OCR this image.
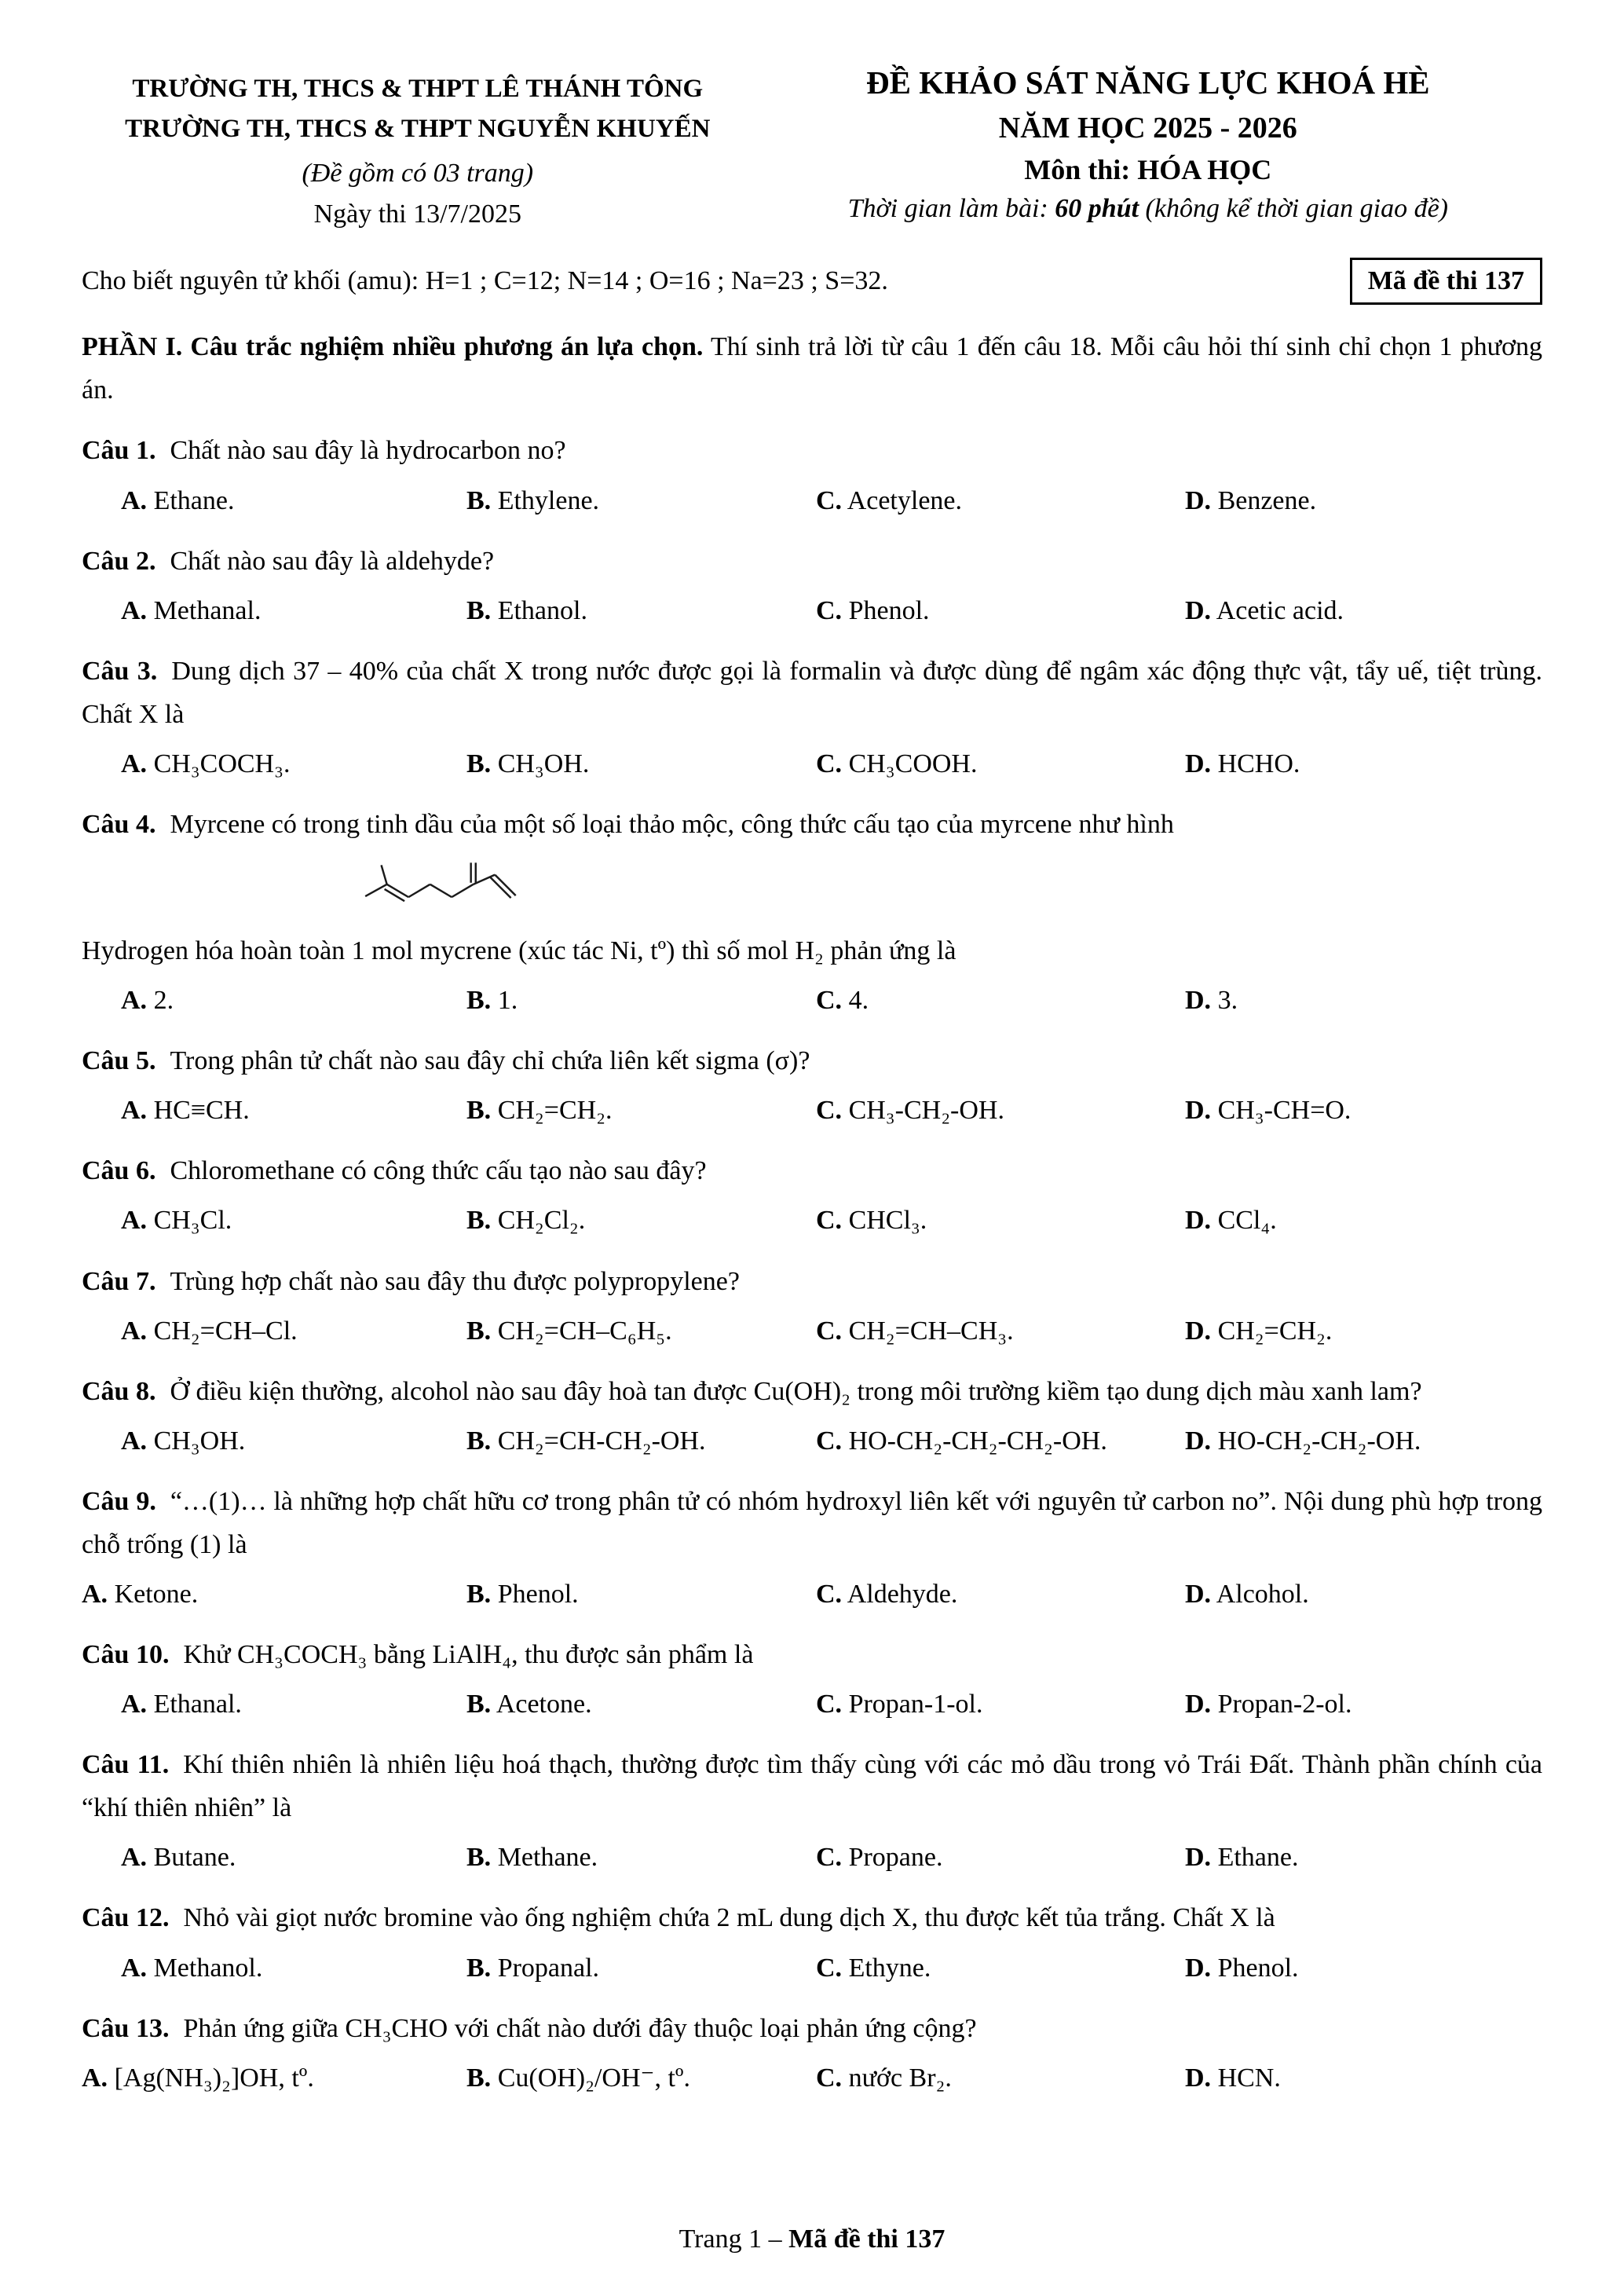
TRƯỜNG TH, THCS & THPT LÊ THÁNH TÔNG
TRƯỜNG TH, THCS & THPT NGUYỄN KHUYẾN
(Đề gồm có 03 trang)
Ngày thi 13/7/2025
ĐỀ KHẢO SÁT NĂNG LỰC KHOÁ HÈ
NĂM HỌC 2025 - 2026
Môn thi: HÓA HỌC
Thời gian làm bài: 60 phút (không kể thời gian giao đề)
Cho biết nguyên tử khối (amu): H=1 ; C=12; N=14 ; O=16 ; Na=23 ; S=32.	Mã đề thi 137

PHẦN I. Câu trắc nghiệm nhiều phương án lựa chọn. Thí sinh trả lời từ câu 1 đến câu 18. Mỗi câu hỏi thí sinh chỉ chọn 1 phương án.

Câu 1. Chất nào sau đây là hydrocarbon no?

A. Ethane.	B. Ethylene.	C. Acetylene.	D. Benzene.

Câu 2. Chất nào sau đây là aldehyde?

A. Methanal.	B. Ethanol.	C. Phenol.	D. Acetic acid.

Câu 3. Dung dịch 37 – 40% của chất X trong nước được gọi là formalin và được dùng để ngâm xác động thực vật, tẩy uế, tiệt trùng. Chất X là

A. CH₃COCH₃.	B. CH₃OH.	C. CH₃COOH.	D. HCHO.

Câu 4. Myrcene có trong tinh dầu của một số loại thảo mộc, công thức cấu tạo của myrcene như hình

Hydrogen hóa hoàn toàn 1 mol mycrene (xúc tác Ni, tº) thì số mol H₂ phản ứng là

A. 2.	B. 1.	C. 4.	D. 3.

Câu 5. Trong phân tử chất nào sau đây chỉ chứa liên kết sigma (σ)?

A. HC≡CH.	B. CH₂=CH₂.	C. CH₃-CH₂-OH.	D. CH₃-CH=O.

Câu 6. Chloromethane có công thức cấu tạo nào sau đây?

A. CH₃Cl.	B. CH₂Cl₂.	C. CHCl₃.	D. CCl₄.

Câu 7. Trùng hợp chất nào sau đây thu được polypropylene?

A. CH₂=CH–Cl.	B. CH₂=CH–C₆H₅.	C. CH₂=CH–CH₃.	D. CH₂=CH₂.

Câu 8. Ở điều kiện thường, alcohol nào sau đây hoà tan được Cu(OH)₂ trong môi trường kiềm tạo dung dịch màu xanh lam?

A. CH₃OH.	B. CH₂=CH-CH₂-OH.	C. HO-CH₂-CH₂-CH₂-OH.	D. HO-CH₂-CH₂-OH.

Câu 9. “…(1)… là những hợp chất hữu cơ trong phân tử có nhóm hydroxyl liên kết với nguyên tử carbon no”. Nội dung phù hợp trong chỗ trống (1) là

A. Ketone.	B. Phenol.	C. Aldehyde.	D. Alcohol.

Câu 10. Khử CH₃COCH₃ bằng LiAlH₄, thu được sản phẩm là

A. Ethanal.	B. Acetone.	C. Propan-1-ol.	D. Propan-2-ol.

Câu 11. Khí thiên nhiên là nhiên liệu hoá thạch, thường được tìm thấy cùng với các mỏ dầu trong vỏ Trái Đất. Thành phần chính của “khí thiên nhiên” là

A. Butane.	B. Methane.	C. Propane.	D. Ethane.

Câu 12. Nhỏ vài giọt nước bromine vào ống nghiệm chứa 2 mL dung dịch X, thu được kết tủa trắng. Chất X là

A. Methanol.	B. Propanal.	C. Ethyne.	D. Phenol.

Câu 13. Phản ứng giữa CH₃CHO với chất nào dưới đây thuộc loại phản ứng cộng?

A. [Ag(NH₃)₂]OH, tº.	B. Cu(OH)₂/OH⁻, tº.	C. nước Br₂.	D. HCN.
Trang 1 – Mã đề thi 137
